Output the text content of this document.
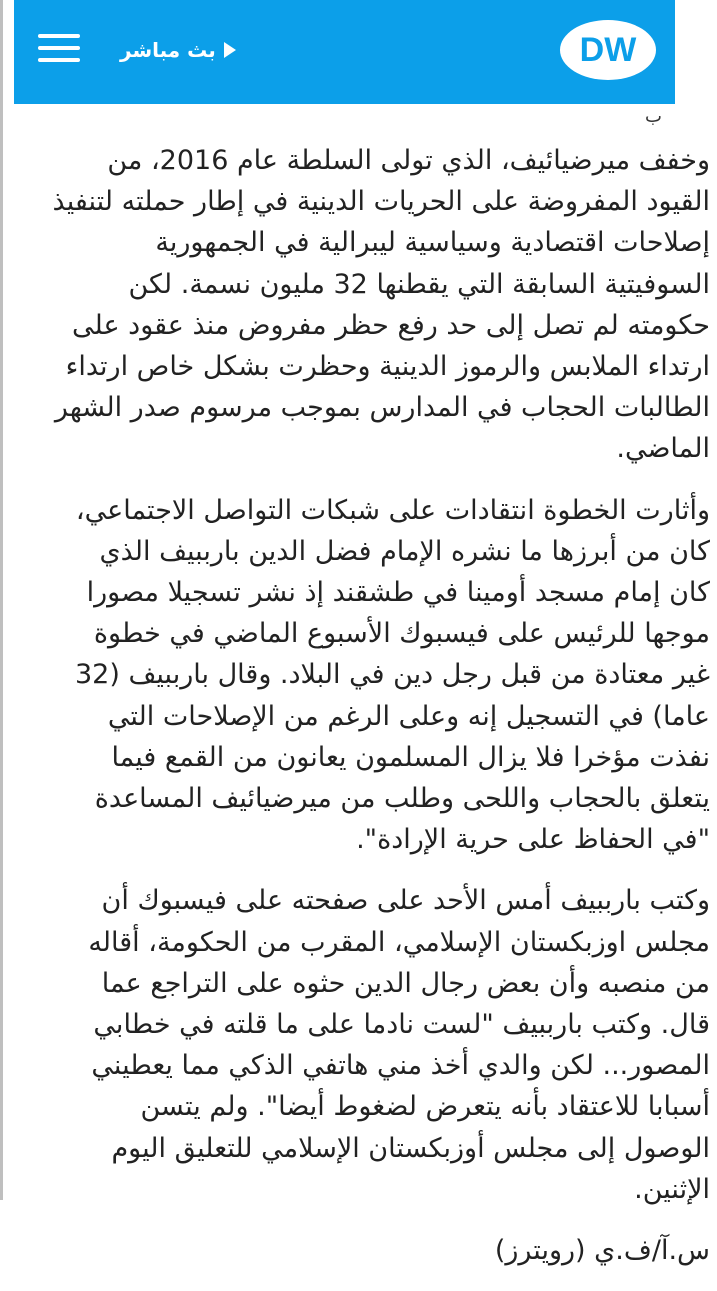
بث مباشر	DW
ب

وخفف ميرضيائيف، الذي تولى السلطة عام 2016، من القيود المفروضة على الحريات الدينية في إطار حملته لتنفيذ إصلاحات اقتصادية وسياسية ليبرالية في الجمهورية السوفيتية السابقة التي يقطنها 32 مليون نسمة. لكن حكومته لم تصل إلى حد رفع حظر مفروض منذ عقود على ارتداء الملابس والرموز الدينية وحظرت بشكل خاص ارتداء الطالبات الحجاب في المدارس بموجب مرسوم صدر الشهر الماضي.

وأثارت الخطوة انتقادات على شبكات التواصل الاجتماعي، كان من أبرزها ما نشره الإمام فضل الدين بارببيف الذي كان إمام مسجد أومينا في طشقند إذ نشر تسجيلا مصورا موجها للرئيس على فيسبوك الأسبوع الماضي في خطوة غير معتادة من قبل رجل دين في البلاد. وقال بارببيف (32 عاما) في التسجيل إنه وعلى الرغم من الإصلاحات التي نفذت مؤخرا فلا يزال المسلمون يعانون من القمع فيما يتعلق بالحجاب واللحى وطلب من ميرضيائيف المساعدة "في الحفاظ على حرية الإرادة".

وكتب بارببيف أمس الأحد على صفحته على فيسبوك أن مجلس اوزبكستان الإسلامي، المقرب من الحكومة، أقاله من منصبه وأن بعض رجال الدين حثوه على التراجع عما قال. وكتب بارببيف "لست نادما على ما قلته في خطابي المصور... لكن والدي أخذ مني هاتفي الذكي مما يعطيني أسبابا للاعتقاد بأنه يتعرض لضغوط أيضا". ولم يتسن الوصول إلى مجلس أوزبكستان الإسلامي للتعليق اليوم الإثنين.

س.آ/ف.ي (رويترز)
